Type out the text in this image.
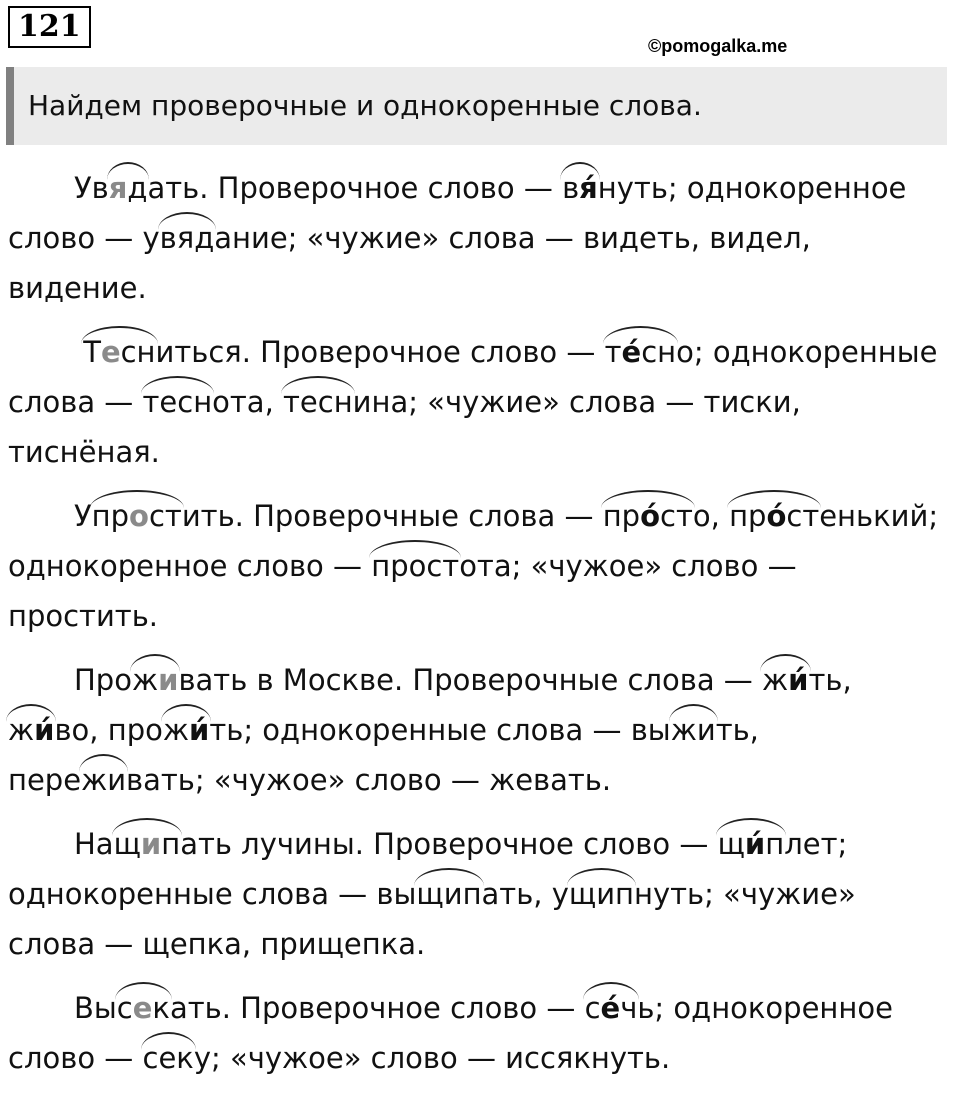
121
©pomogalka.me
Найдем проверочные и однокоренные слова.
Увядать. Проверочное слово — вя́нуть; однокоренное
слово — увядание; «чужие» слова — видеть, видел,
видение.
Тесниться. Проверочное слово — те́сно; однокоренные
слова — теснота, теснина; «чужие» слова — тиски,
тиснёная.
Упростить. Проверочные слова — про́сто, про́стенький;
однокоренное слово — простота; «чужое» слово —
простить.
Проживать в Москве. Проверочные слова — жи́ть,
жи́во, прожи́ть; однокоренные слова — выжить,
переживать; «чужое» слово — жевать.
Нащипать лучины. Проверочное слово — щи́плет;
однокоренные слова — выщипать, ущипнуть; «чужие»
слова — щепка, прищепка.
Высекать. Проверочное слово — се́чь; однокоренное
слово — секу; «чужое» слово — иссякнуть.
